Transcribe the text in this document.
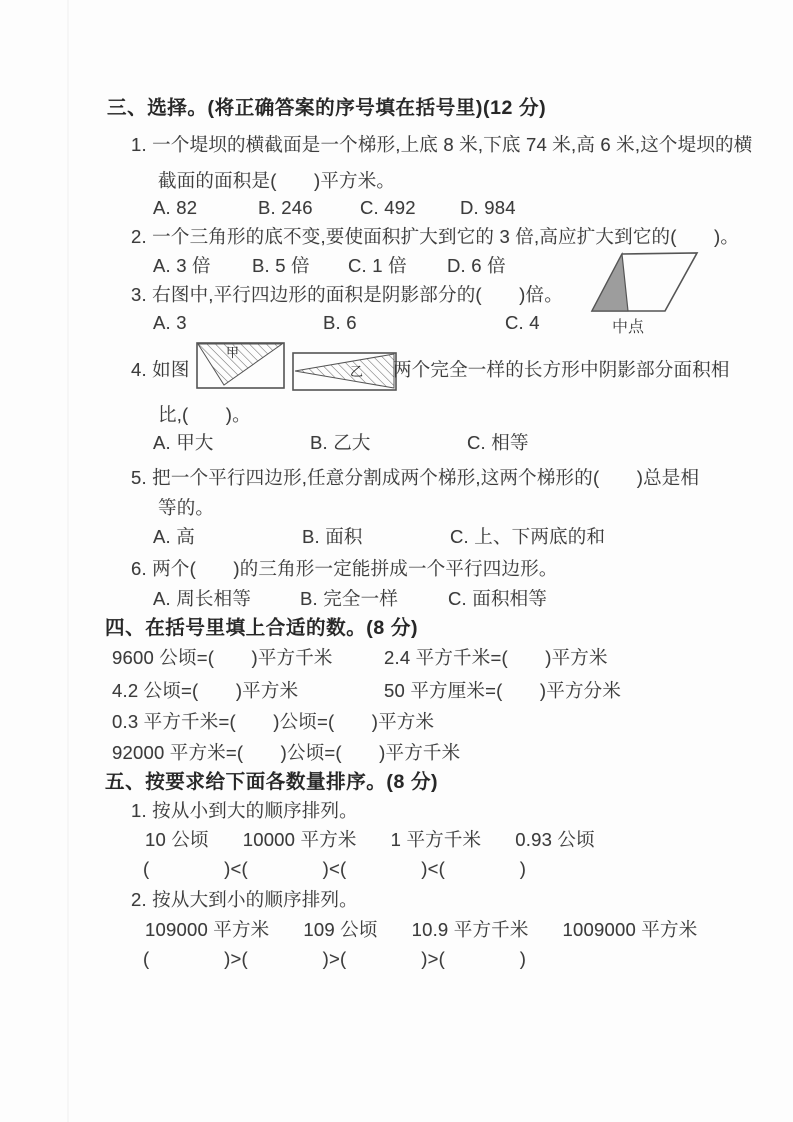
三、选择。(将正确答案的序号填在括号里)(12 分)
1. 一个堤坝的横截面是一个梯形,上底 8 米,下底 74 米,高 6 米,这个堤坝的横
截面的面积是(　　)平方米。
A. 82	B. 246	C. 492 D. 984
2. 一个三角形的底不变,要使面积扩大到它的 3 倍,高应扩大到它的(　　)。
A. 3 倍 B. 5 倍 C. 1 倍 D. 6 倍
3. 右图中,平行四边形的面积是阴影部分的(　　)倍。
A. 3	B. 6	C. 4	中点
4. 如图
甲
乙 两个完全一样的长方形中阴影部分面积相
比,(　　)。
A. 甲大	B. 乙大	C. 相等
5. 把一个平行四边形,任意分割成两个梯形,这两个梯形的(　　)总是相
等的。
A. 高	B. 面积	C. 上、下两底的和
6. 两个(　　)的三角形一定能拼成一个平行四边形。
A. 周长相等	B. 完全一样	C. 面积相等
四、在括号里填上合适的数。(8 分)
9600 公顷=(　　)平方千米	2.4 平方千米=(　　)平方米
4.2 公顷=(　　)平方米	50 平方厘米=(　　)平方分米
0.3 平方千米=(　　)公顷=(　　)平方米
92000 平方米=(　　)公顷=(　　)平方千米
五、按要求给下面各数量排序。(8 分)
1. 按从小到大的顺序排列。
10 公顷 10000 平方米 1 平方千米 0.93 公顷
(　　　　)<(　　　　)<(　　　　)<(　　　　)
2. 按从大到小的顺序排列。
109000 平方米 109 公顷 10.9 平方千米 1009000 平方米
(　　　　)>(　　　　)>(　　　　)>(　　　　)
